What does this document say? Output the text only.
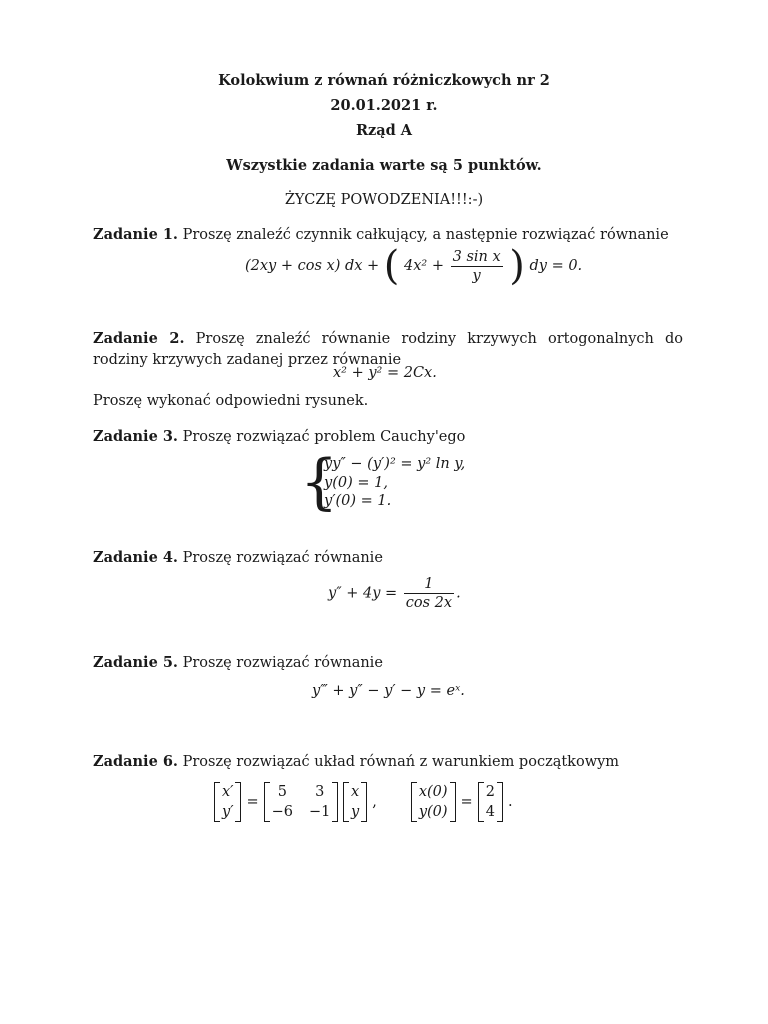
Kolokwium z równań różniczkowych nr 2
20.01.2021 r.
Rząd A
Wszystkie zadania warte są 5 punktów.
ŻYCZĘ POWODZENIA!!!:-)
Zadanie 1. Proszę znaleźć czynnik całkujący, a następnie rozwiązać równanie
(2xy + cos x) dx + ( $4x^2 + \frac{\text{3 sin x}}{y}$ ) dy = 0.
Zadanie 2. Proszę znaleźć równanie rodziny krzywych ortogonalnych do rodziny krzywych zadanej przez równanie
x² + y² = 2Cx.
Proszę wykonać odpowiedni rysunek.
Zadanie 3. Proszę rozwiązać problem Cauchy'ego
{
yy″ − (y′)² = y² ln y,
y(0) = 1,
y′(0) = 1.
Zadanie 4. Proszę rozwiązać równanie
$y'' + 4y = \frac{1}{\cos 2x}$ .
Zadanie 5. Proszę rozwiązać równanie
y‴ + y″ − y′ − y = eˣ.
Zadanie 6. Proszę rozwiązać układ równań z warunkiem początkowym
x′
y′
=
5	3
−6	−1

x
y
,
x(0)
y(0)
=
2
4
.
